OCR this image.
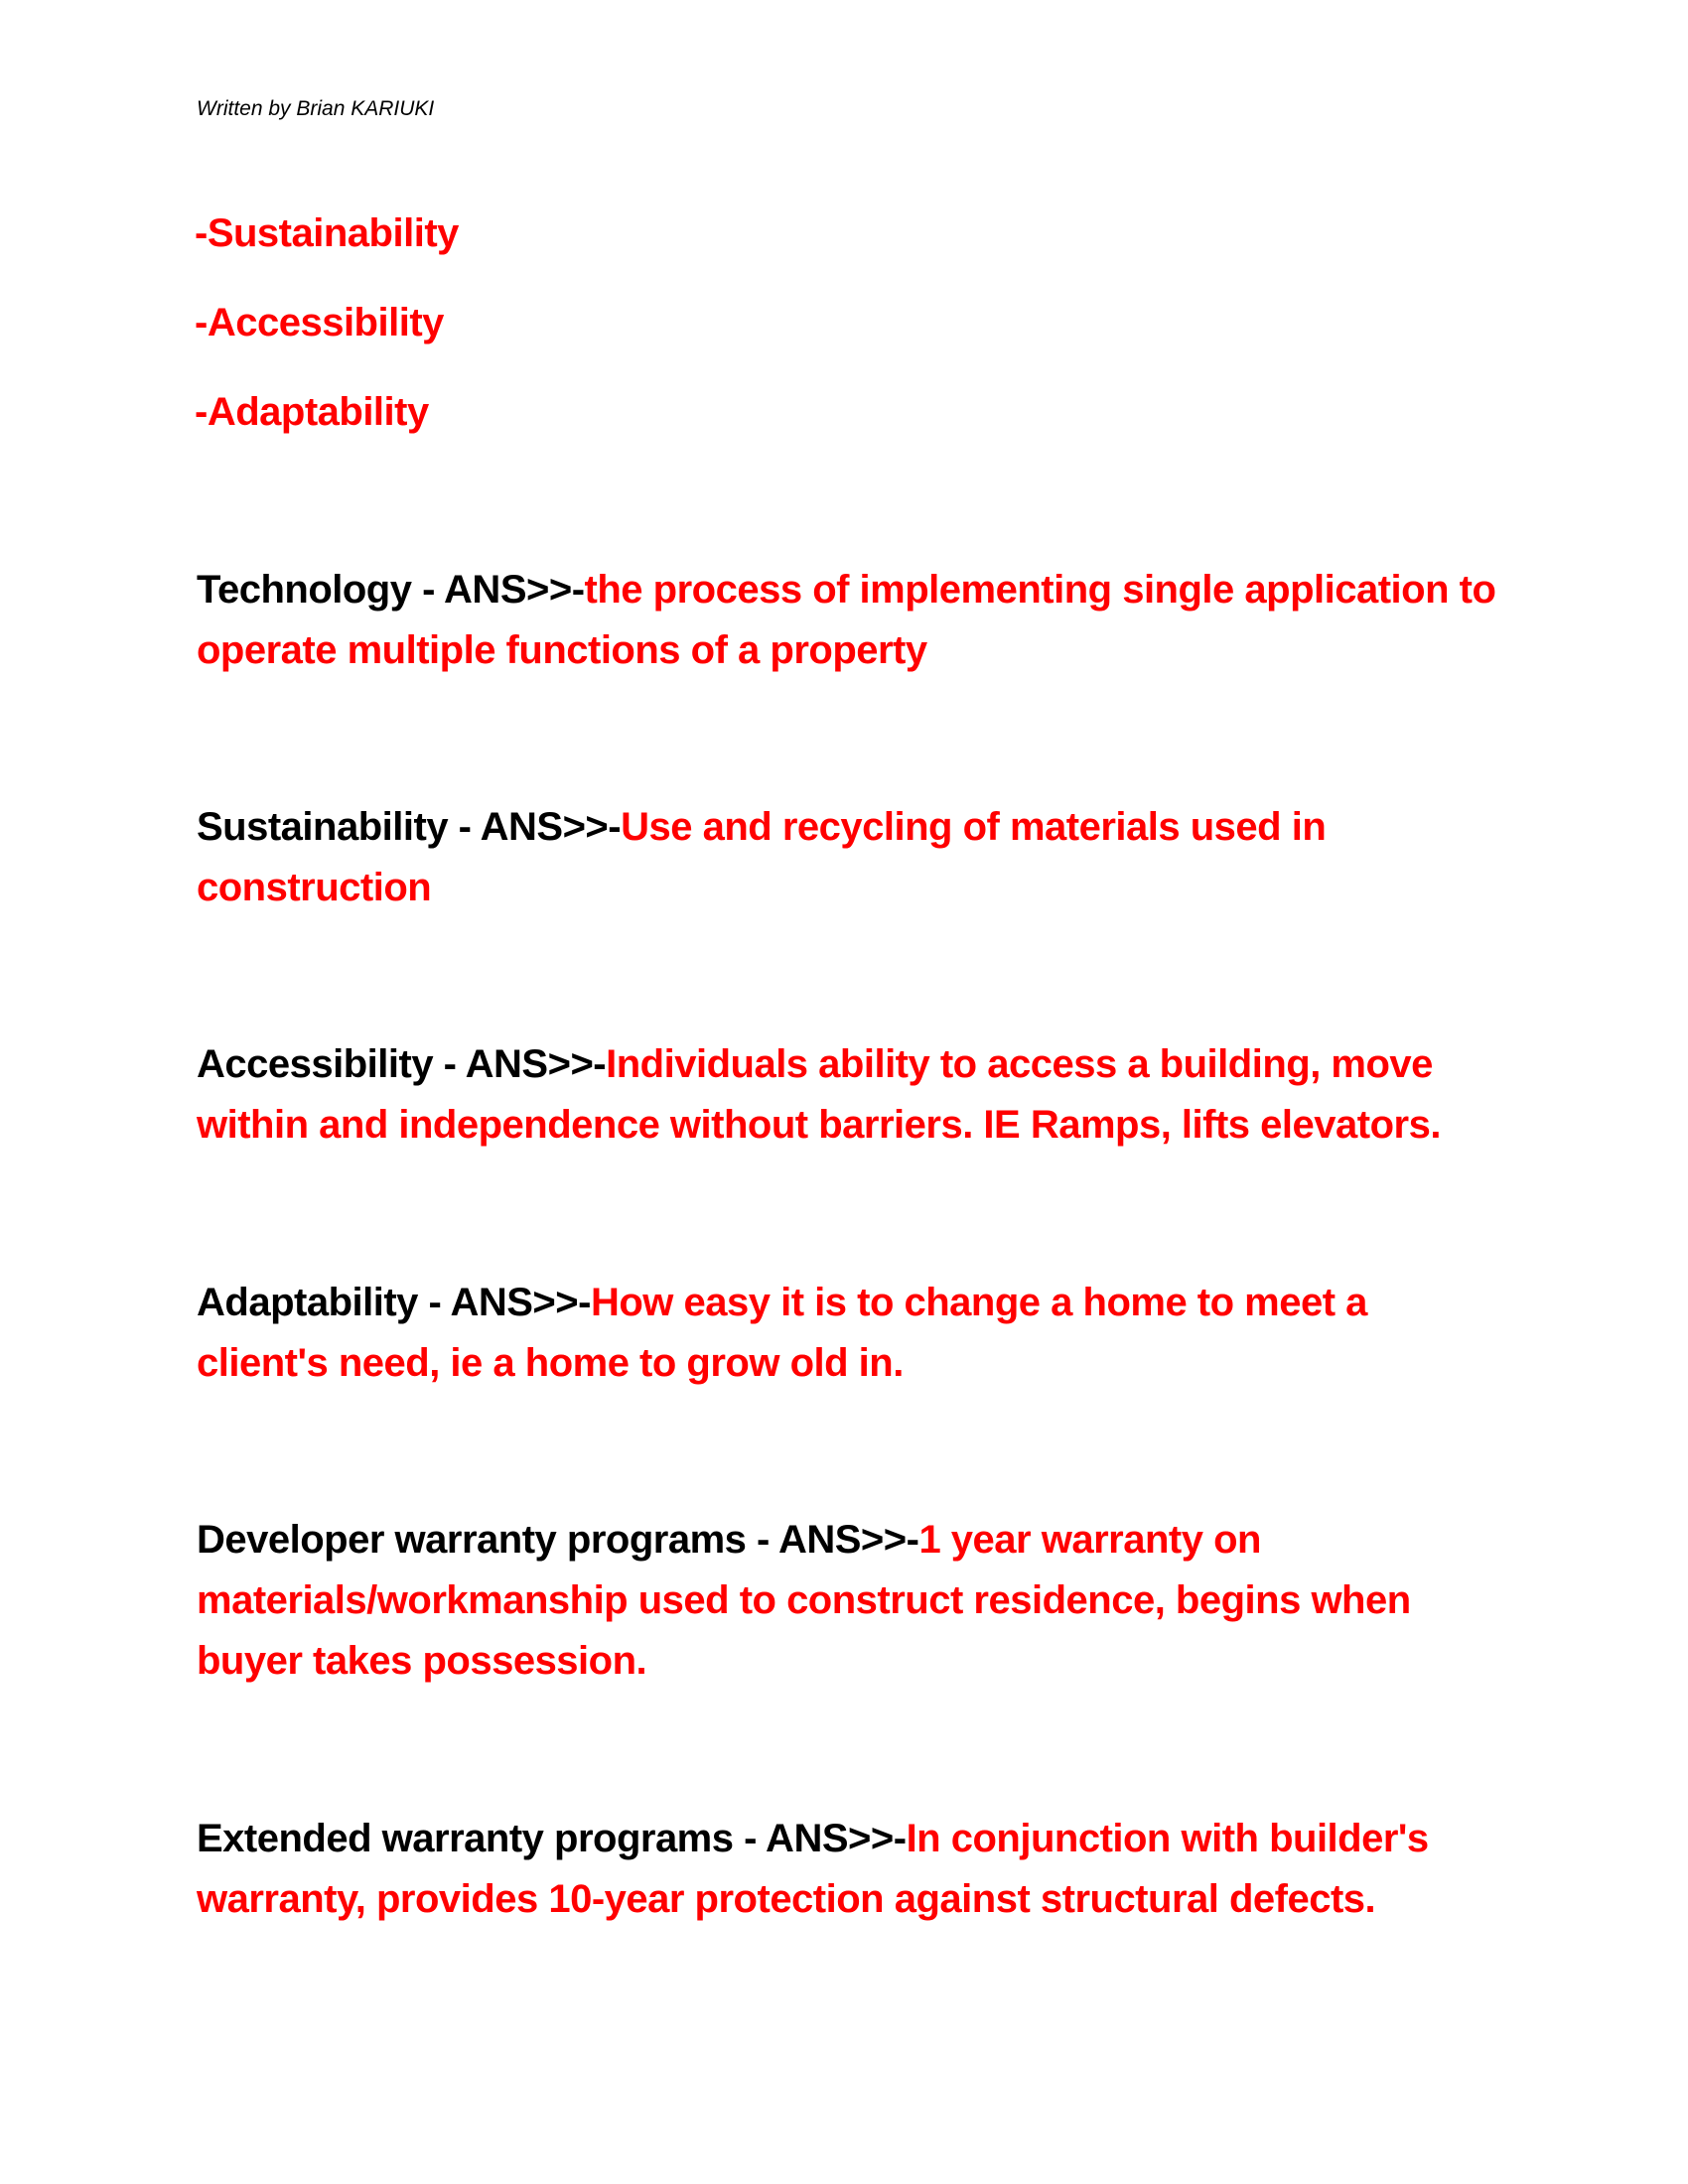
Written by Brian KARIUKI
-Sustainability
-Accessibility
-Adaptability
Technology - ANS>>-the process of implementing single application to operate multiple functions of a property
Sustainability - ANS>>-Use and recycling of materials used in construction
Accessibility - ANS>>-Individuals ability to access a building, move within and independence without barriers. IE Ramps, lifts elevators.
Adaptability - ANS>>-How easy it is to change a home to meet a client's need, ie a home to grow old in.
Developer warranty programs - ANS>>-1 year warranty on materials/workmanship used to construct residence, begins when buyer takes possession.
Extended warranty programs - ANS>>-In conjunction with builder's warranty, provides 10-year protection against structural defects.
